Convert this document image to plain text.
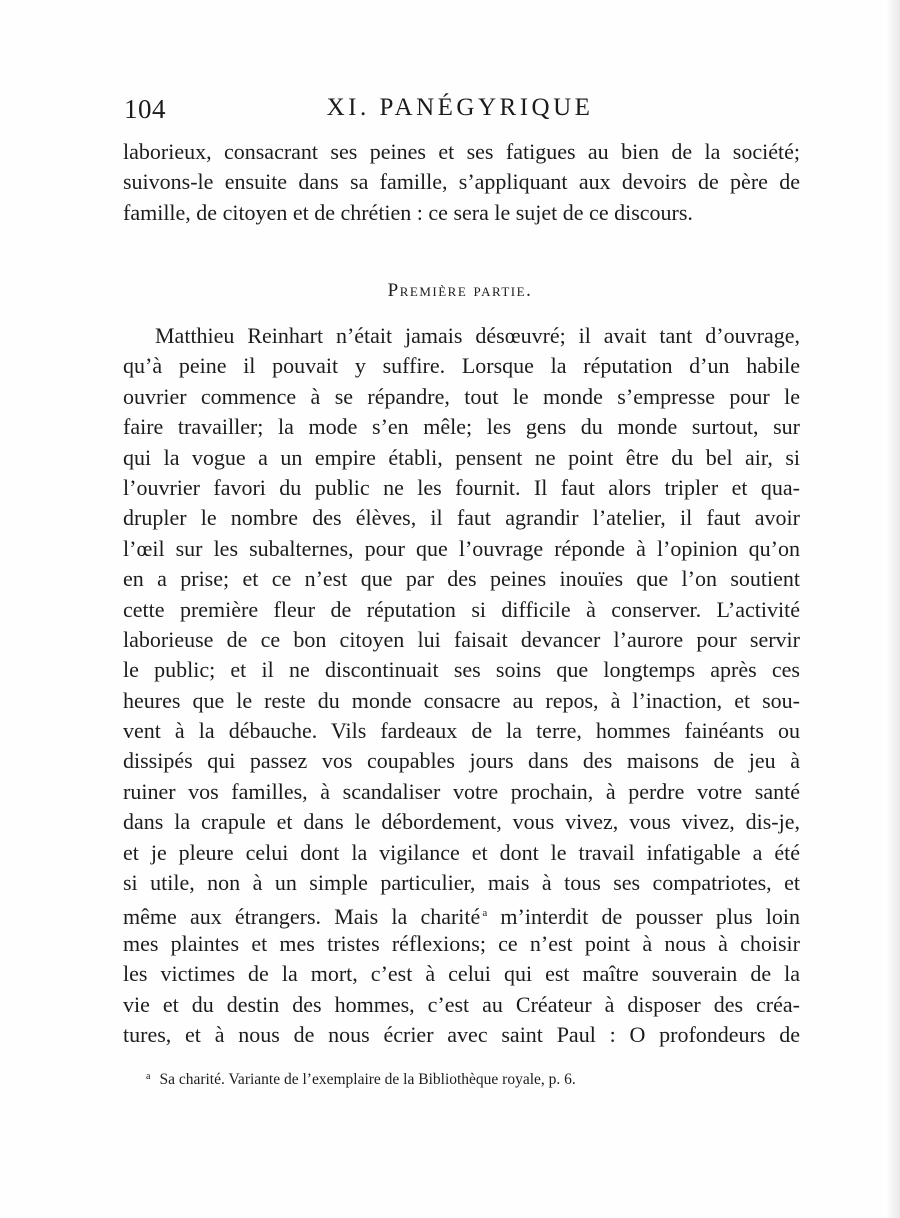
104	XI. PANÉGYRIQUE
laborieux, consacrant ses peines et ses fatigues au bien de la société;
suivons-le ensuite dans sa famille, s’appliquant aux devoirs de père de
famille, de citoyen et de chrétien : ce sera le sujet de ce discours.
Première partie.
Matthieu Reinhart n’était jamais désœuvré; il avait tant d’ouvrage,
qu’à peine il pouvait y suffire. Lorsque la réputation d’un habile
ouvrier commence à se répandre, tout le monde s’empresse pour le
faire travailler; la mode s’en mêle; les gens du monde surtout, sur
qui la vogue a un empire établi, pensent ne point être du bel air, si
l’ouvrier favori du public ne les fournit. Il faut alors tripler et qua-
drupler le nombre des élèves, il faut agrandir l’atelier, il faut avoir
l’œil sur les subalternes, pour que l’ouvrage réponde à l’opinion qu’on
en a prise; et ce n’est que par des peines inouïes que l’on soutient
cette première fleur de réputation si difficile à conserver. L’activité
laborieuse de ce bon citoyen lui faisait devancer l’aurore pour servir
le public; et il ne discontinuait ses soins que longtemps après ces
heures que le reste du monde consacre au repos, à l’inaction, et sou-
vent à la débauche. Vils fardeaux de la terre, hommes fainéants ou
dissipés qui passez vos coupables jours dans des maisons de jeu à
ruiner vos familles, à scandaliser votre prochain, à perdre votre santé
dans la crapule et dans le débordement, vous vivez, vous vivez, dis-je,
et je pleure celui dont la vigilance et dont le travail infatigable a été
si utile, non à un simple particulier, mais à tous ses compatriotes, et
même aux étrangers. Mais la charité $^a$ m’interdit de pousser plus loin
mes plaintes et mes tristes réflexions; ce n’est point à nous à choisir
les victimes de la mort, c’est à celui qui est maître souverain de la
vie et du destin des hommes, c’est au Créateur à disposer des créa-
tures, et à nous de nous écrier avec saint Paul : O profondeurs de
$^a$ Sa charité. Variante de l’exemplaire de la Bibliothèque royale, p. 6.
